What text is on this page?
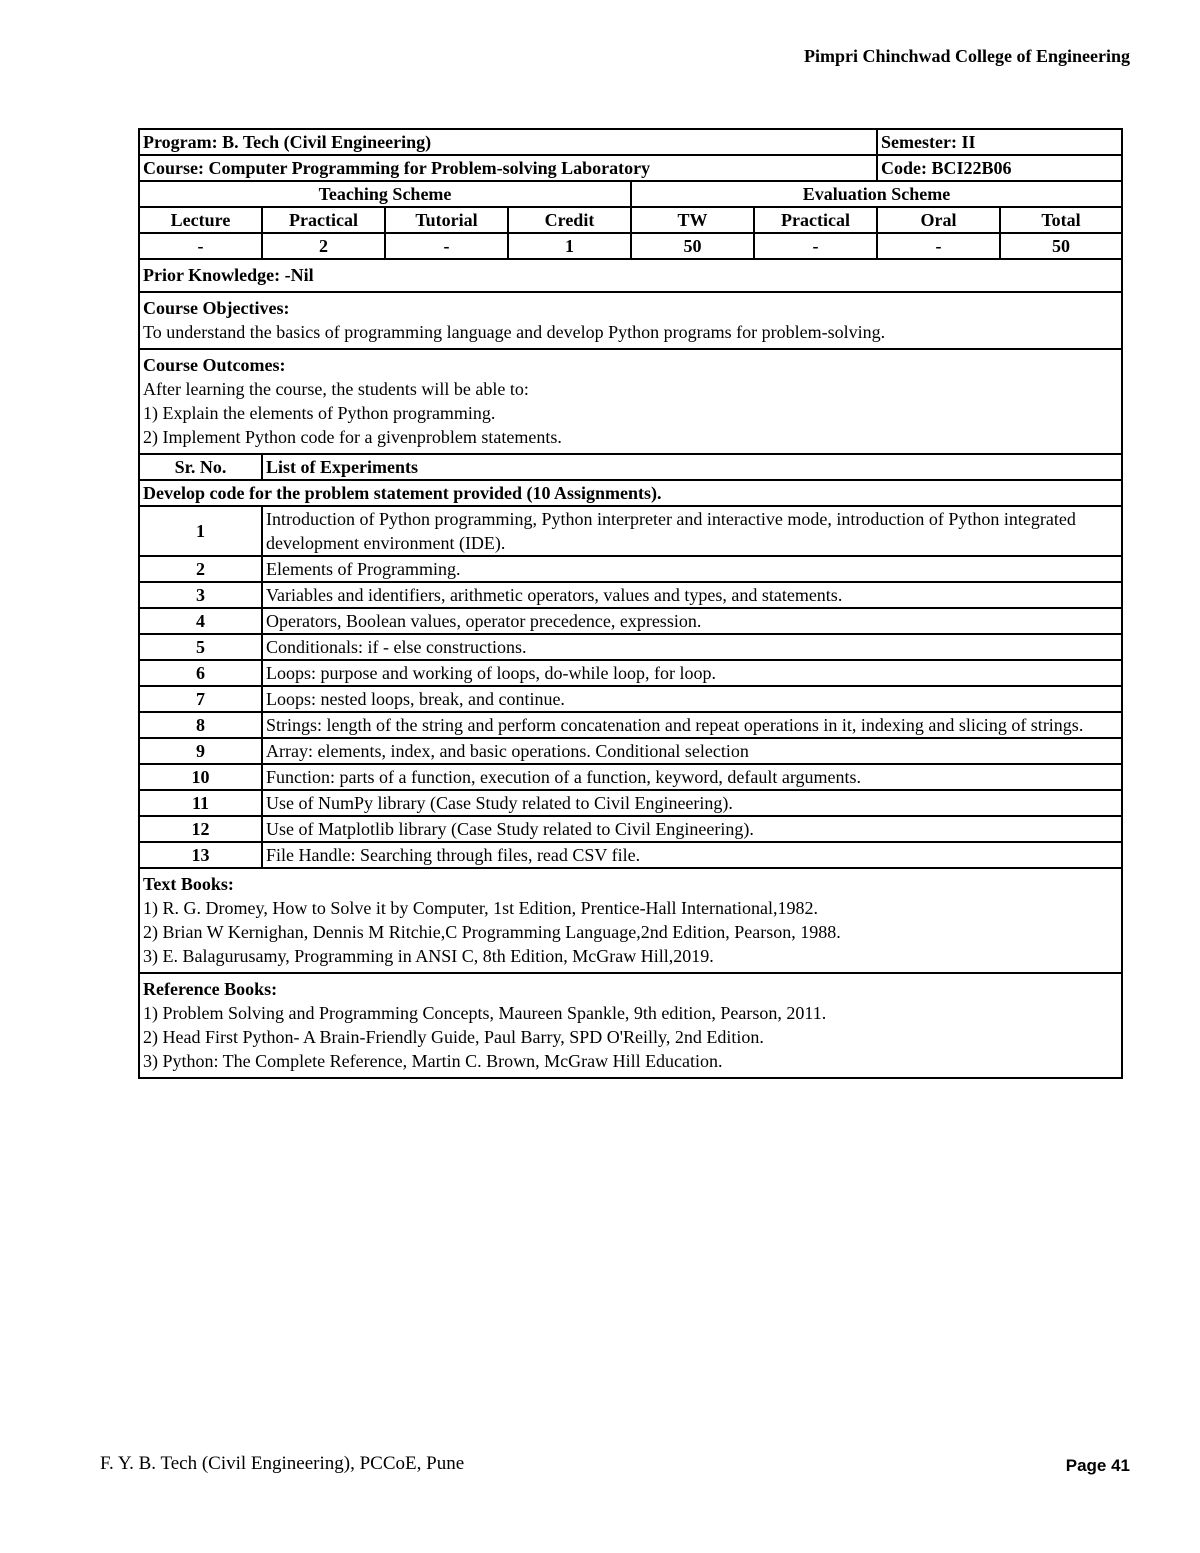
Pimpri Chinchwad College of Engineering
Program: B. Tech (Civil Engineering)						Semester: II	
Course: Computer Programming for Problem-solving Laboratory						Code: BCI22B06	
Teaching Scheme				Evaluation Scheme			
Lecture	Practical	Tutorial	Credit	TW	Practical	Oral	Total
-	2	-	1	50	-	-	50
Prior Knowledge: -Nil							

Course Objectives:
To understand the basics of programming language and develop Python programs for problem-solving.							

Course Outcomes:
After learning the course, the students will be able to:
1) Explain the elements of Python programming.
2) Implement Python code for a givenproblem statements.							

Sr. No.	List of Experiments						
Develop code for the problem statement provided (10 Assignments).							
1	Introduction of Python programming, Python interpreter and interactive mode, introduction of Python integrated development environment (IDE).						
2	Elements of Programming.						
3	Variables and identifiers, arithmetic operators, values and types, and statements.						
4	Operators, Boolean values, operator precedence, expression.						
5	Conditionals: if - else constructions.						
6	Loops: purpose and working of loops, do-while loop, for loop.						
7	Loops: nested loops, break, and continue.						
8	Strings: length of the string and perform concatenation and repeat operations in it, indexing and slicing of strings.						
9	Array: elements, index, and basic operations. Conditional selection						
10	Function: parts of a function, execution of a function, keyword, default arguments.						
11	Use of NumPy library (Case Study related to Civil Engineering).						
12	Use of Matplotlib library (Case Study related to Civil Engineering).						
13	File Handle: Searching through files, read CSV file.						

Text Books:
1) R. G. Dromey, How to Solve it by Computer, 1st Edition, Prentice-Hall International,1982.
2) Brian W Kernighan, Dennis M Ritchie,C Programming Language,2nd Edition, Pearson, 1988.
3) E. Balagurusamy, Programming in ANSI C, 8th Edition, McGraw Hill,2019.							

Reference Books:
1) Problem Solving and Programming Concepts, Maureen Spankle, 9th edition, Pearson, 2011.
2) Head First Python- A Brain-Friendly Guide, Paul Barry, SPD O'Reilly, 2nd Edition.
3) Python: The Complete Reference, Martin C. Brown, McGraw Hill Education.							
F. Y. B. Tech (Civil Engineering), PCCoE, Pune	Page 41
